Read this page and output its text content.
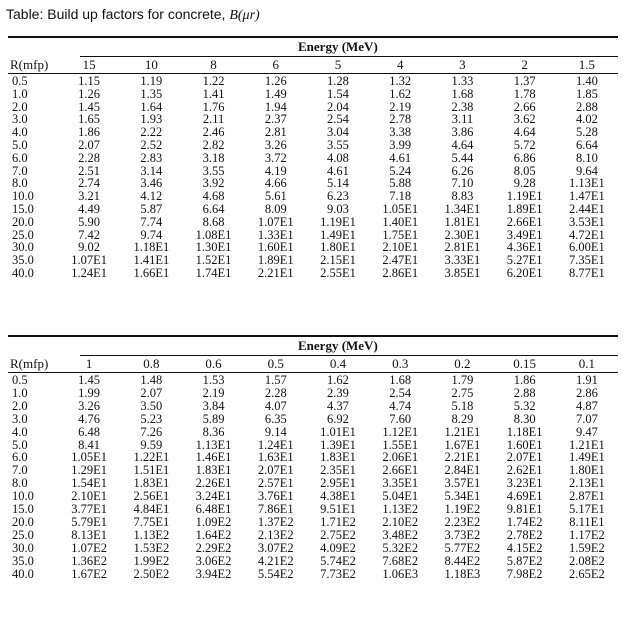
Table: Build up factors for concrete, B(μr)
Energy (MeV)
R(mfp)	15	10	8	6	5	4	3	2	1.5
0.5	1.15	1.19	1.22	1.26	1.28	1.32	1.33	1.37	1.40
1.0	1.26	1.35	1.41	1.49	1.54	1.62	1.68	1.78	1.85
2.0	1.45	1.64	1.76	1.94	2.04	2.19	2.38	2.66	2.88
3.0	1.65	1.93	2.11	2.37	2.54	2.78	3.11	3.62	4.02
4.0	1.86	2.22	2.46	2.81	3.04	3.38	3.86	4.64	5.28
5.0	2.07	2.52	2.82	3.26	3.55	3.99	4.64	5.72	6.64
6.0	2.28	2.83	3.18	3.72	4.08	4.61	5.44	6.86	8.10
7.0	2.51	3.14	3.55	4.19	4.61	5.24	6.26	8.05	9.64
8.0	2.74	3.46	3.92	4.66	5.14	5.88	7.10	9.28	1.13E1
10.0	3.21	4.12	4.68	5.61	6.23	7.18	8.83	1.19E1	1.47E1
15.0	4.49	5.87	6.64	8.09	9.03	1.05E1	1.34E1	1.89E1	2.44E1
20.0	5.90	7.74	8.68	1.07E1	1.19E1	1.40E1	1.81E1	2.66E1	3.53E1
25.0	7.42	9.74	1.08E1	1.33E1	1.49E1	1.75E1	2.30E1	3.49E1	4.72E1
30.0	9.02	1.18E1	1.30E1	1.60E1	1.80E1	2.10E1	2.81E1	4.36E1	6.00E1
35.0	1.07E1	1.41E1	1.52E1	1.89E1	2.15E1	2.47E1	3.33E1	5.27E1	7.35E1
40.0	1.24E1	1.66E1	1.74E1	2.21E1	2.55E1	2.86E1	3.85E1	6.20E1	8.77E1
Energy (MeV)
R(mfp)	1	0.8	0.6	0.5	0.4	0.3	0.2	0.15	0.1
0.5	1.45	1.48	1.53	1.57	1.62	1.68	1.79	1.86	1.91
1.0	1.99	2.07	2.19	2.28	2.39	2.54	2.75	2.88	2.86
2.0	3.26	3.50	3.84	4.07	4.37	4.74	5.18	5.32	4.87
3.0	4.76	5.23	5.89	6.35	6.92	7.60	8.29	8.30	7.07
4.0	6.48	7.26	8.36	9.14	1.01E1	1.12E1	1.21E1	1.18E1	9.47
5.0	8.41	9.59	1.13E1	1.24E1	1.39E1	1.55E1	1.67E1	1.60E1	1.21E1
6.0	1.05E1	1.22E1	1.46E1	1.63E1	1.83E1	2.06E1	2.21E1	2.07E1	1.49E1
7.0	1.29E1	1.51E1	1.83E1	2.07E1	2.35E1	2.66E1	2.84E1	2.62E1	1.80E1
8.0	1.54E1	1.83E1	2.26E1	2.57E1	2.95E1	3.35E1	3.57E1	3.23E1	2.13E1
10.0	2.10E1	2.56E1	3.24E1	3.76E1	4.38E1	5.04E1	5.34E1	4.69E1	2.87E1
15.0	3.77E1	4.84E1	6.48E1	7.86E1	9.51E1	1.13E2	1.19E2	9.81E1	5.17E1
20.0	5.79E1	7.75E1	1.09E2	1.37E2	1.71E2	2.10E2	2.23E2	1.74E2	8.11E1
25.0	8.13E1	1.13E2	1.64E2	2.13E2	2.75E2	3.48E2	3.73E2	2.78E2	1.17E2
30.0	1.07E2	1.53E2	2.29E2	3.07E2	4.09E2	5.32E2	5.77E2	4.15E2	1.59E2
35.0	1.36E2	1.99E2	3.06E2	4.21E2	5.74E2	7.68E2	8.44E2	5.87E2	2.08E2
40.0	1.67E2	2.50E2	3.94E2	5.54E2	7.73E2	1.06E3	1.18E3	7.98E2	2.65E2
